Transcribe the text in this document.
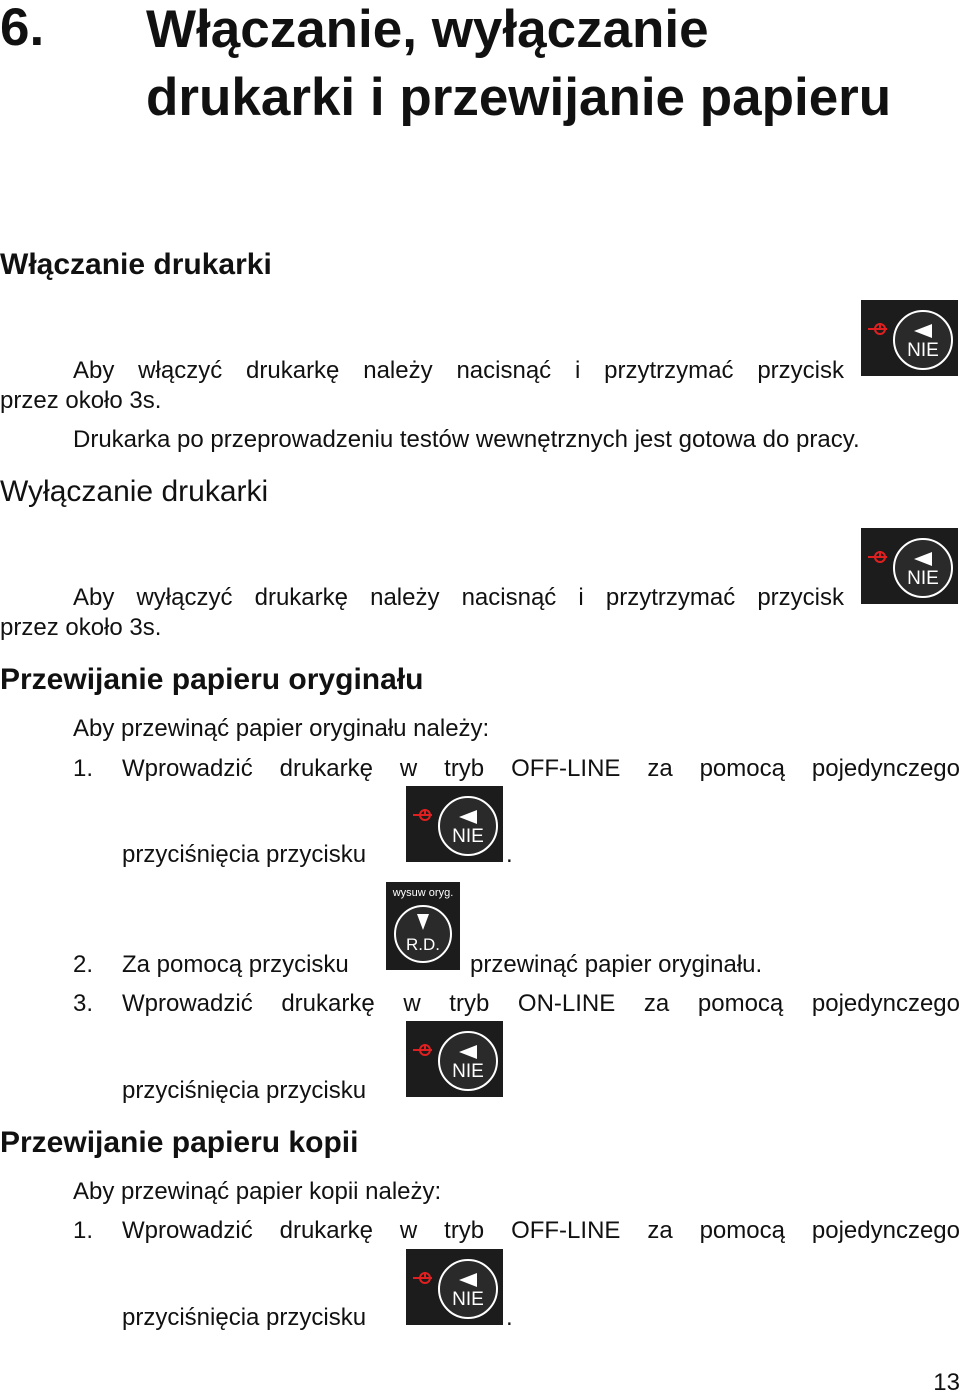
6. Włączanie, wyłączanie drukarki i przewijanie papieru
Włączanie drukarki
NIE
Aby włączyć drukarkę należy nacisnąć i przytrzymać przycisk
przez około 3s.
Drukarka po przeprowadzeniu testów wewnętrznych jest gotowa do pracy.
Wyłączanie drukarki
NIE
Aby wyłączyć drukarkę należy nacisnąć i przytrzymać przycisk
przez około 3s.
Przewijanie papieru oryginału
Aby przewinąć papier oryginału należy:
1. Wprowadzić drukarkę w tryb OFF-LINE za pomocą pojedynczego
przyciśnięcia przycisku
NIE
.
wysuw oryg.
R.D.
2. Za pomocą przycisku	przewinąć papier oryginału.
3. Wprowadzić drukarkę w tryb ON-LINE za pomocą pojedynczego
NIE
przyciśnięcia przycisku
Przewijanie papieru kopii
Aby przewinąć papier kopii należy:
1. Wprowadzić drukarkę w tryb OFF-LINE za pomocą pojedynczego
NIE
przyciśnięcia przycisku	.
13
